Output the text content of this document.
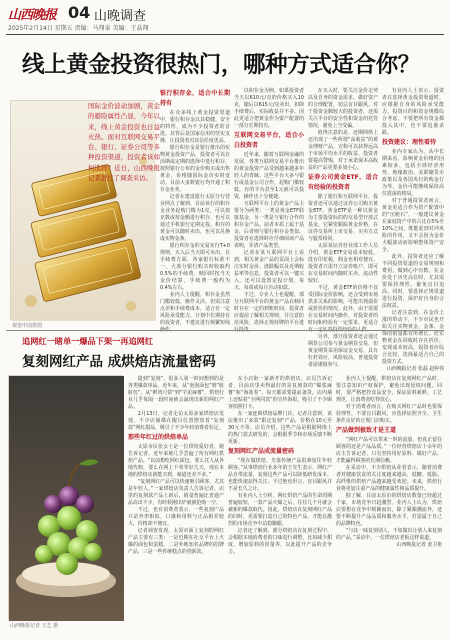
山西晚报 04 山晚调查
2025年2月14日 星期五 责编：马翔泰 美编：王晶翔
线上黄金投资很热门，哪种方式适合你？
国际金价波动加剧，黄金的避险属性凸显，今年以来，线上黄金投资也日益火热。面对互联网交易平台、银行、证券公司等多种投资渠道，投资者该如何选择？近日，山西晚报记者进行了调查采访。
视觉中国供图
银行积存金，适合中长期持有

在众多线上黄金投资渠道中，银行积存金以其稳健、安全的特性，成为不少投资者的首选。其背后是国家信用的坚实支撑，让投资者对其信任度更高。

银行积存金是银行推出的实物黄金投资产品，投资者可以在活期或定期的选择中进行积存，按照银行公布的金价购买或出售黄金，价格随国际金价实时变动。目前大多数银行均开通了积存金业务。

记者在建设银行太原分行营业网点了解到，目前该行的积存金业务起购门槛为1克，可以按克数或按金额进行积存，也可以通过手机银行定期定投。积存的黄金可以随时卖出，也可以兑换成实物金条。

银行积存金的交易实行T+0规则，买入后当天即可卖出。在手续费方面，各家银行标准不一，大部分银行购买时收取约0.5%的手续费，赎回时按当天金价结算，手续费一般约为0.4%左右。

业内人士提醒，积存金虽然门槛较低、操作灵活，但需注意点差和手续费成本，适合有一定风险承受能力、计划中长期持有的投资者，不建议进行频繁短线

以积存金为例，如果投资者当天以610元/克的价格买入10克，随后以615元/克卖出，扣除手续费后，实际收益并不多。因此更适合把黄金作为资产配置的一部分长期持有。

互联网交易平台，适合小白投资者

近年来，随着互联网金融的发展，各类互联网交易平台推出的黄金投资产品受到越来越多年轻人的青睐。这些平台大多与银行或基金公司合作，起购门槛较低，有的平台甚至1元就可以投资，操作也十分便捷。

互联网平台上的黄金产品主要分为两类：一类是黄金ETF联接基金，另一类是与银行合作的积存金产品。前者本质上属于基金，后者则与银行积存金类似。投资者在选择时应仔细阅读产品说明，弄清产品类型。

记者在某互联网平台上看到，相关黄金产品的页面上会标注实时金价、涨跌幅以及近期收益率等信息，投资者可以一键买入，还可以设置定投计划，每天、每周或每月自动扣款。

不过，专业人士也提醒，部分互联网平台的黄金产品在赎回时存在一定的到账时间，投资者应提前了解相关规则，并注意防范风险，选择正规持牌的平台进

在买入时，要关注金价走势以及自身的资金需求，做好资产的合理配置，切忌盲目跟风。对于投资金额较大的投资者，还需关注平台的安全性和资金的托管情况，避免上当受骗。

值得注意的是，近期网络上还出现了一些所谓“高收益”的黄金理财产品，宣称可以获得远高于市场平均水平的收益，投资者要提高警惕，对于承诺保本高收益的产品更要多加小心。

证券公司黄金ETF，适合有经验的投资者

除了银行和互联网平台，投资者还可以通过证券公司购买黄金ETF。黄金ETF是一种以黄金为主要投资标的的交易型开放式基金，它紧密跟踪黄金价格，在证券交易所上市交易，买卖方式与股票相同。

太原某证券营业部工作人员介绍，黄金ETF交易成本较低，没有印花税，佣金也相对便宜。投资者只需开立证券账户，即可在交易时间内随时买卖，流动性较好。

不过，黄金ETF的价格不仅受国际金价影响，还会受到市场供求关系的影响，可能出现溢价或折价的情况。此外，由于需要在交易时间内操作，对投资者的时间和经验有一定要求，更适合

另外，部分投资者还会通过期货公司参与黄金期货交易，但黄金期货采用保证金交易，具有杠杆效应，风险较高，普通投资者需谨慎参与。

有业内人士表示，投资者在选择黄金投资渠道时，应根据自身的风险承受能力、投资目的和资金规模综合考虑，不要把所有资金都投入其中，也不要追涨杀跌。

投资建议：理性看待

业内专家认为，从中长期来看，影响黄金价格的因素较多，包括全球经济形势、地缘政治、美联储货币政策以及各国央行的购金行为等，金价可能继续保持高位震荡的格局。

对于普通投资者而言，黄金更适合作为资产配置中的“压舱石”，一般建议黄金在家庭资产中的占比在5%至10%之间，既能起到对冲风险的作用，又不会因为金价大幅波动而影响整体资产安全。

此外，投资者还应了解不同投资渠道的交易规则和费用，做到心中有数。在金价处于历史高位时，尤其需要保持理性，避免盲目追高。同时，要选择正规渠道进行投资，保护好自身的合法权益。

记者注意到，在金价上涨的带动下，不少市民也开始关注实物黄金，金条、金饰的销量都有所增长。但实物黄金在回收时存在折价，变现成本较高，投资者应综合比较，选择最适合自己的投资方式。

山西晚报记者 张磊 赵婷伟
追网红一睹单一爆品下架一再追网红
复刻网红产品 成烘焙店流量密码
山西晚报记者 王艺 摄

提到“复刻”，很多人第一时间想到的是各类爆款单品。近年来，从“泡泡面包”到“脏脏包”，从“鲜肉月饼”到“芋泥麻薯”，烘焙行业几乎每隔一段时间就会涌现出新的网红产品。

2月13日，记者走访太原多家烘焙店发现，不少店铺都在醒目位置摆放着“复刻款”网红甜品，吸引了不少年轻消费者驻足。

那些年红过的烘焙单品

太原市民张女士是一位烘焙爱好者，她告诉记者，近年来她几乎尝遍了所有网红烘焙产品。“以前想吃网红面包，要么托人从外地代购，要么在网上下单等好几天，现在本地的烘焙店就能买到，味道还差不多。”

“复刻网红产品可以快速吸引顾客，尤其是年轻人。”一家烘焙店负责人告诉记者，店里的复刻款产品上新后，销量普遍比普通产品高出不少，有时候刚出炉就被抢购一空。

不过，也有消费者表示，一些复刻产品只是外形相似，口感和用料与正品相差较大，价格却不便宜。

记者调查发现，太原市面上复刻的网红产品主要有三类：一是近期在社交平台上火爆的面包和蛋糕，二是外地知名品牌的招牌产品，三是一些传统糕点的创新款。

在小店街一家新开的烘焙店，店员告诉记者，目前店里卖得最好的是复刻款的“爆浆麻薯”和“海盐卷”，每天都需要提前备货。店内墙上还贴着“全网同款”的宣传海报，吸引了不少顾客拍照打卡。

在一家连锁烘焙品牌门店，记者注意到，该店推出了多款“限定复刻”产品，价格在10元至30元不等。店员介绍，这些产品是根据网络上的热门款式研发的，会根据季节和市场反馈不断更新。

复刻网红产品成流量密码

“现在做烘焙，光靠传统产品很难留住年轻顾客。”从事烘焙行业多年的王先生表示，网红产品自带流量，复刻这些产品可以降低研发成本，也能快速获得关注。不过他也坦言，盲目跟风并不是长久之计。

有业内人士分析，网红烘焙产品的生命周期普遍较短，一款产品火爆之后，往往几个月就会被新的爆款取代。因此，烘焙店在复刻网红产品的同时，更需要打造自己的特色产品，才能在激烈的市场竞争中站稳脚跟。

记者还了解到，部分烘焙店在复刻过程中，会根据本地消费者的口味进行调整，比如减少甜度、增加原料的用量等，以此提升产品的竞争力。

业内人士提醒，烘焙店在复刻网红产品时，要注意知识产权保护，避免出现侵权问题。同时，要严格把控食品安全，保证原料新鲜、工艺规范，让消费者吃得放心。

对于消费者而言，在购买网红产品时也要保持理性，不要盲目跟风，应选择证照齐全、卫生条件良好的正规门店购买。

产品做到极致才是王道

“网红产品可以带来一时的流量，但真正留住顾客的还是产品品质。”一位经营烘焙店十余年的店主告诉记者，只有坚持用好原料、做好产品，才能赢得顾客的长期信赖。

在采访中，不少烘焙从业者表示，随着消费者对健康饮食的关注度越来越高，低糖、低脂、高纤维的烘焙产品越来越受欢迎。未来，烘焙行业将更加注重产品的健康属性和品质提升。

据了解，目前太原市的烘焙店数量已经超过千家，市场竞争日趋激烈。业内人士认为，烘焙店要想在竞争中脱颖而出，除了紧跟潮流外，还要不断提升产品品质和服务水平，打造属于自己的品牌特色。

“与其一味复刻别人，不如做出让别人来复刻的产品。”采访中，一位烘焙店老板这样说道。

山西晚报记者 姜卫艳
